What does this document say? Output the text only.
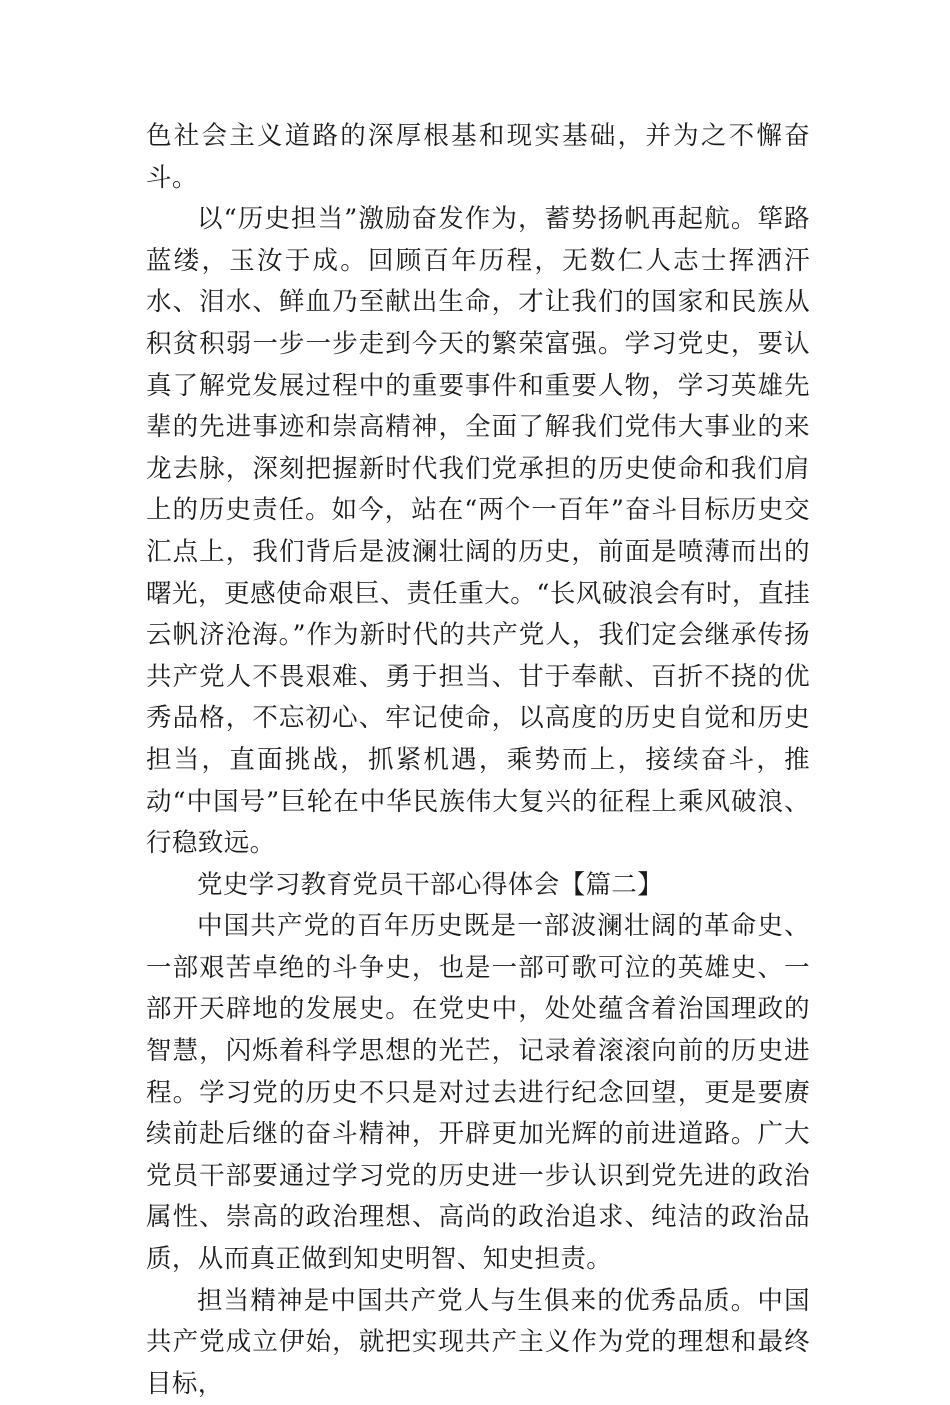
色社会主义道路的深厚根基和现实基础，并为之不懈奋斗。

以“历史担当”激励奋发作为，蓄势扬帆再起航。筚路蓝缕，玉汝于成。回顾百年历程，无数仁人志士挥洒汗水、泪水、鲜血乃至献出生命，才让我们的国家和民族从积贫积弱一步一步走到今天的繁荣富强。学习党史，要认真了解党发展过程中的重要事件和重要人物，学习英雄先辈的先进事迹和崇高精神，全面了解我们党伟大事业的来龙去脉，深刻把握新时代我们党承担的历史使命和我们肩上的历史责任。如今，站在“两个一百年”奋斗目标历史交汇点上，我们背后是波澜壮阔的历史，前面是喷薄而出的曙光，更感使命艰巨、责任重大。“长风破浪会有时，直挂云帆济沧海。”作为新时代的共产党人，我们定会继承传扬共产党人不畏艰难、勇于担当、甘于奉献、百折不挠的优秀品格，不忘初心、牢记使命，以高度的历史自觉和历史担当，直面挑战，抓紧机遇，乘势而上，接续奋斗，推动“中国号”巨轮在中华民族伟大复兴的征程上乘风破浪、行稳致远。

党史学习教育党员干部心得体会【篇二】

中国共产党的百年历史既是一部波澜壮阔的革命史、一部艰苦卓绝的斗争史，也是一部可歌可泣的英雄史、一部开天辟地的发展史。在党史中，处处蕴含着治国理政的智慧，闪烁着科学思想的光芒，记录着滚滚向前的历史进程。学习党的历史不只是对过去进行纪念回望，更是要赓续前赴后继的奋斗精神，开辟更加光辉的前进道路。广大党员干部要通过学习党的历史进一步认识到党先进的政治属性、崇高的政治理想、高尚的政治追求、纯洁的政治品质，从而真正做到知史明智、知史担责。

担当精神是中国共产党人与生俱来的优秀品质。中国共产党成立伊始，就把实现共产主义作为党的理想和最终目标，
